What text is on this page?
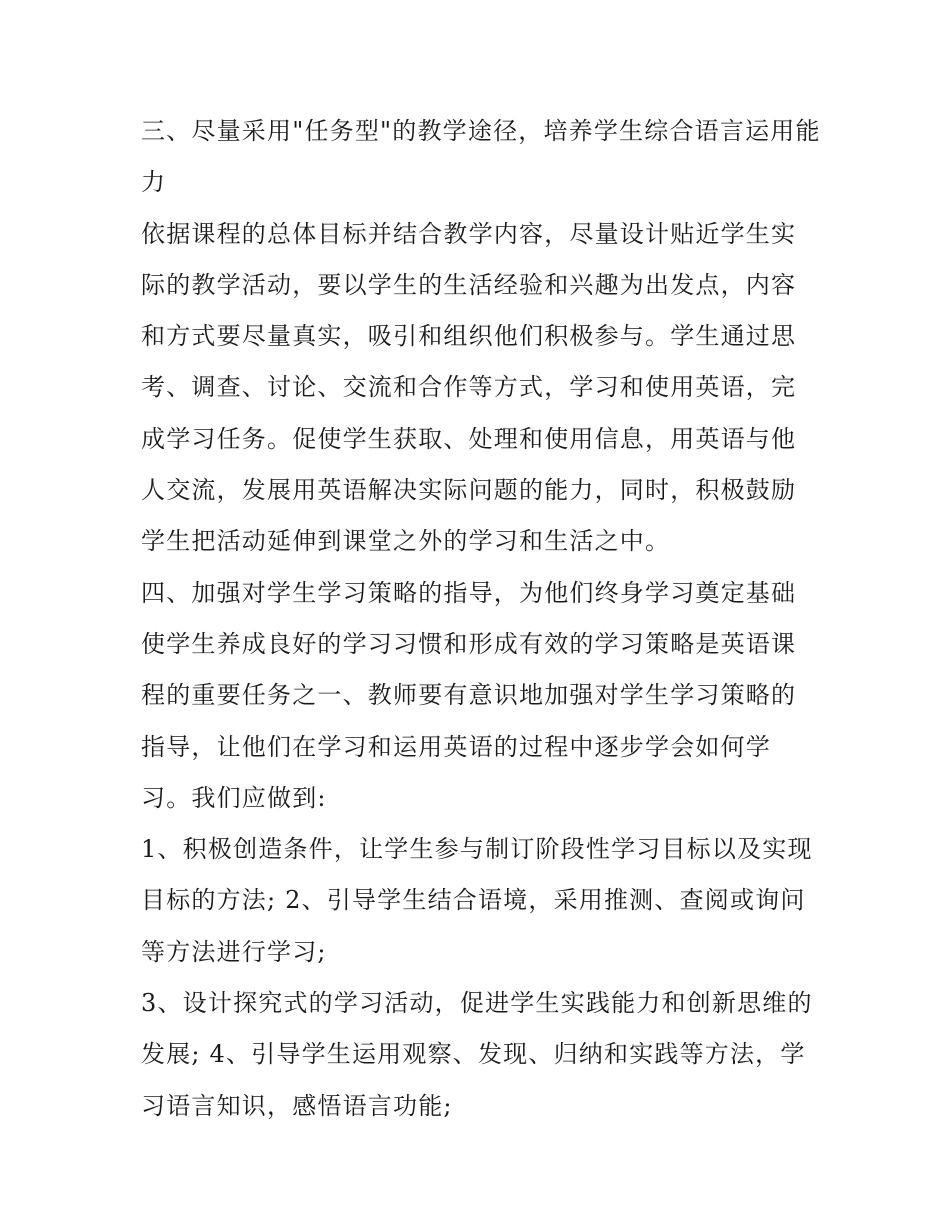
三、尽量采用"任务型"的教学途径，培养学生综合语言运用能力

依据课程的总体目标并结合教学内容，尽量设计贴近学生实际的教学活动，要以学生的生活经验和兴趣为出发点，内容和方式要尽量真实，吸引和组织他们积极参与。学生通过思考、调查、讨论、交流和合作等方式，学习和使用英语，完成学习任务。促使学生获取、处理和使用信息，用英语与他人交流，发展用英语解决实际问题的能力，同时，积极鼓励学生把活动延伸到课堂之外的学习和生活之中。

四、加强对学生学习策略的指导，为他们终身学习奠定基础

使学生养成良好的学习习惯和形成有效的学习策略是英语课程的重要任务之一、教师要有意识地加强对学生学习策略的指导，让他们在学习和运用英语的过程中逐步学会如何学习。我们应做到:

1、积极创造条件，让学生参与制订阶段性学习目标以及实现目标的方法; 2、引导学生结合语境，采用推测、查阅或询问等方法进行学习;

3、设计探究式的学习活动，促进学生实践能力和创新思维的发展; 4、引导学生运用观察、发现、归纳和实践等方法，学习语言知识，感悟语言功能;
